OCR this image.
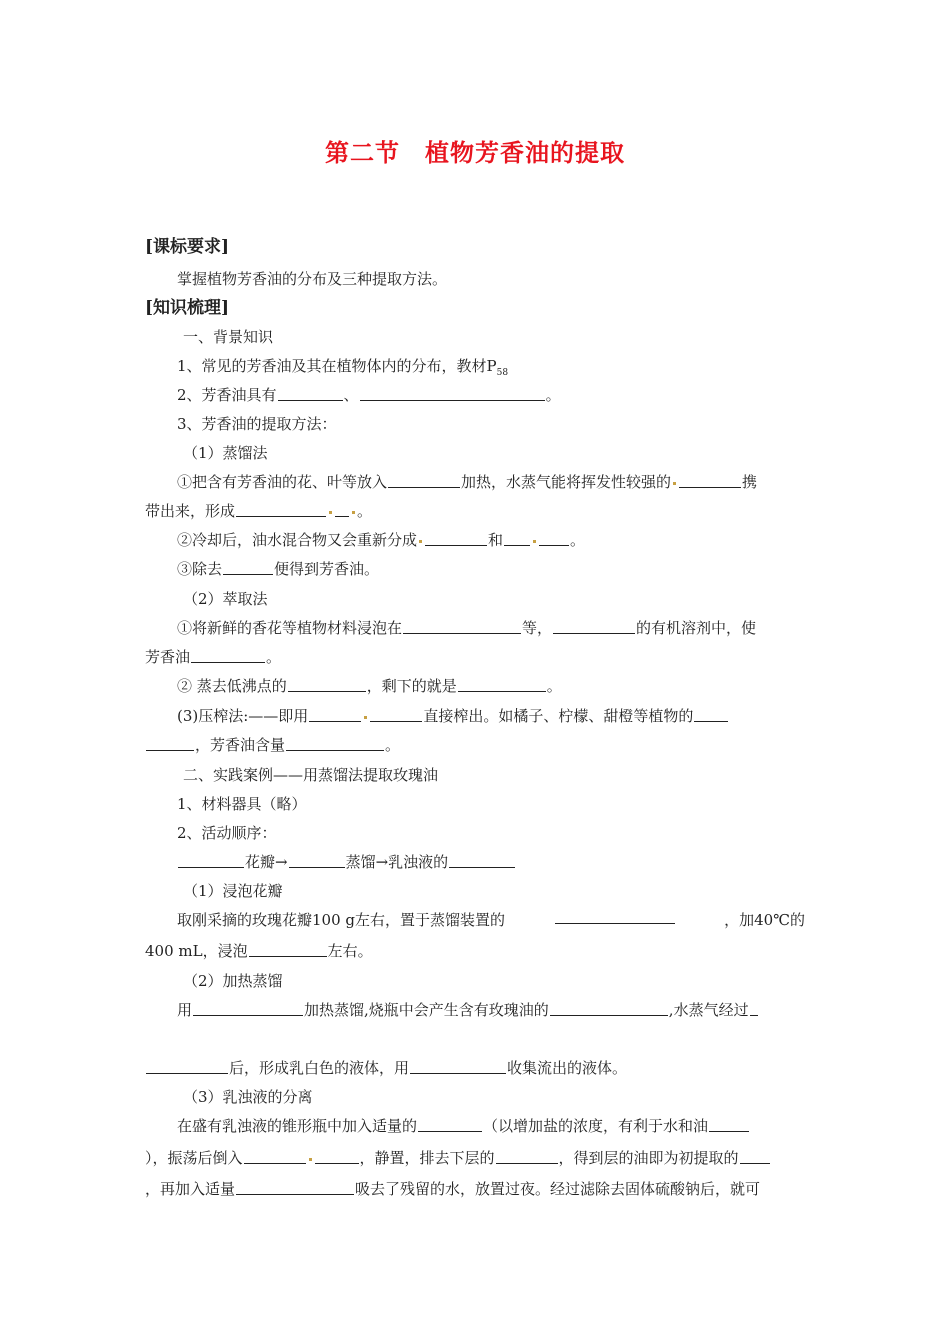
第二节　植物芳香油的提取
[课标要求]
掌握植物芳香油的分布及三种提取方法。
[知识梳理]
一、背景知识
1、常见的芳香油及其在植物体内的分布，教材$P_{58}$
2、芳香油具有	、	。
3、芳香油的提取方法：
（1）蒸馏法
①把含有芳香油的花、叶等放入	加热，水蒸气能将挥发性较强的	携
带出来，形成	。
②冷却后，油水混合物又会重新分成	和	。
③除去	便得到芳香油。
（2）萃取法
①将新鲜的香花等植物材料浸泡在	等，	的有机溶剂中，使
芳香油	。
② 蒸去低沸点的	，剩下的就是	。
(3)压榨法:——即用	直接榨出。如橘子、柠檬、甜橙等植物的
，芳香油含量	。
二、实践案例——用蒸馏法提取玫瑰油
1、材料器具（略）
2、活动顺序：
花瓣→	蒸馏→乳浊液的
（1）浸泡花瓣
取刚采摘的玫瑰花瓣100 g左右，置于蒸馏装置的	，加40℃的
400 mL，浸泡	左右。
（2）加热蒸馏
用	加热蒸馏,烧瓶中会产生含有玫瑰油的	,水蒸气经过
后，形成乳白色的液体，用	收集流出的液体。
（3）乳浊液的分离
在盛有乳浊液的锥形瓶中加入适量的	（以增加盐的浓度，有利于水和油
），振荡后倒入	，静置，排去下层的	，得到层的油即为初提取的
，再加入适量	吸去了残留的水，放置过夜。经过滤除去固体硫酸钠后，就可
